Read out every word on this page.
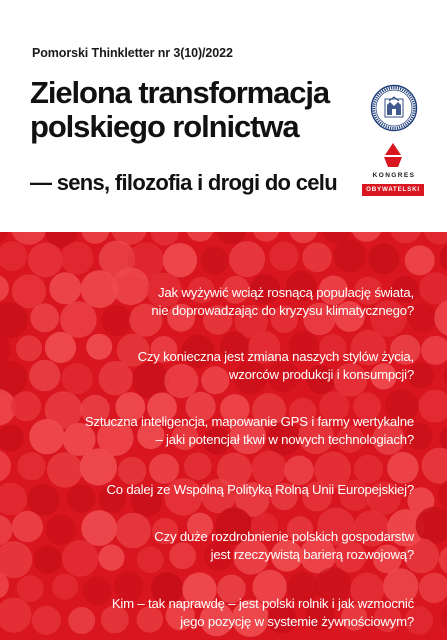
Pomorski Thinkletter nr 3(10)/2022
Zielona transformacja
polskiego rolnictwa
— sens, filozofia i drogi do celu	KONGRES
OBYWATELSKI
Jak wyżywić wciąż rosnącą populację świata,
nie doprowadzając do kryzysu klimatycznego?
Czy konieczna jest zmiana naszych stylów życia,
wzorców produkcji i konsumpcji?
Sztuczna inteligencja, mapowanie GPS i farmy wertykalne
– jaki potencjał tkwi w nowych technologiach?
Co dalej ze Wspólną Polityką Rolną Unii Europejskiej?
Czy duże rozdrobnienie polskich gospodarstw
jest rzeczywistą barierą rozwojową?
Kim – tak naprawdę – jest polski rolnik i jak wzmocnić
jego pozycję w systemie żywnościowym?
